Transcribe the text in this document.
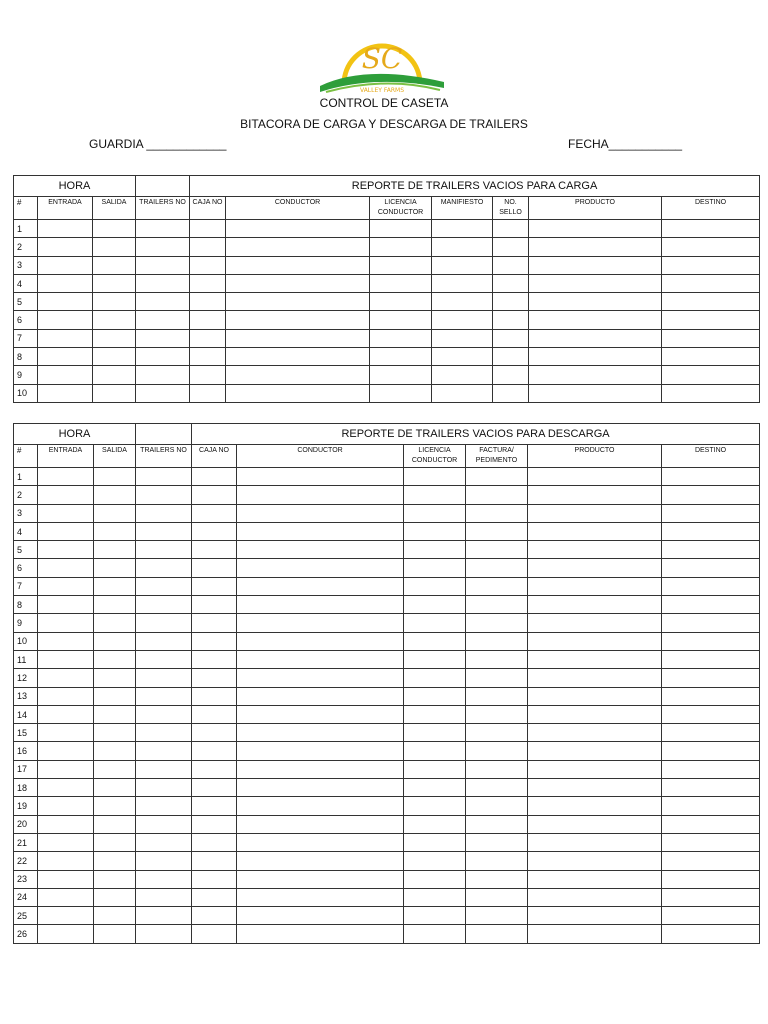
SC
VALLEY FARMS
CONTROL DE CASETA
BITACORA DE CARGA Y DESCARGA DE TRAILERS
GUARDIA ____________	FECHA___________
HORA				REPORTE DE TRAILERS VACIOS PARA CARGA						
#	ENTRADA	SALIDA	TRAILERS NO	CAJA NO	CONDUCTOR	LICENCIA CONDUCTOR	MANIFIESTO	NO. SELLO	PRODUCTO	DESTINO
1										
2										
3										
4										
5										
6										
7										
8										
9										
10										
HORA				REPORTE DE TRAILERS VACIOS PARA DESCARGA					
#	ENTRADA	SALIDA	TRAILERS NO	CAJA NO	CONDUCTOR	LICENCIA CONDUCTOR	FACTURA/ PEDIMENTO	PRODUCTO	DESTINO
1									
2									
3									
4									
5									
6									
7									
8									
9									
10									
11									
12									
13									
14									
15									
16									
17									
18									
19									
20									
21									
22									
23									
24									
25									
26									
